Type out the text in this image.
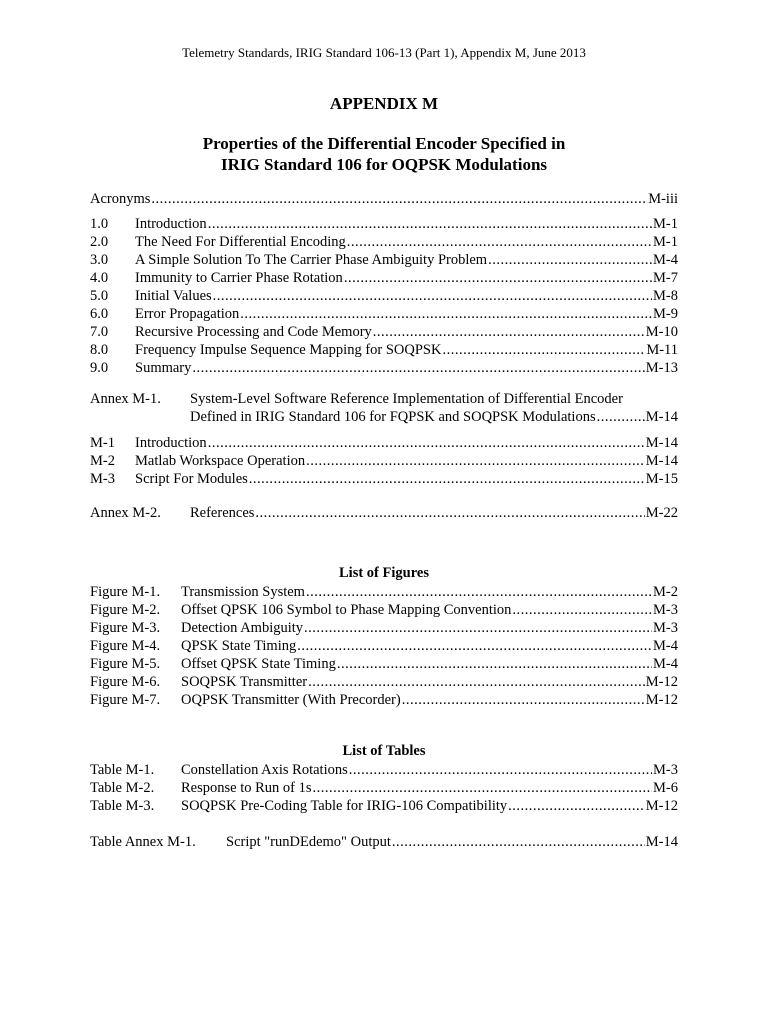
Telemetry Standards, IRIG Standard 106-13 (Part 1), Appendix M, June 2013
APPENDIX M
Properties of the Differential Encoder Specified in
IRIG Standard 106 for OQPSK Modulations
Acronyms .....	M-iii
1.0	Introduction .....	M-1
2.0	The Need For Differential Encoding .....	M-1
3.0	A Simple Solution To The Carrier Phase Ambiguity Problem .....	M-4
4.0	Immunity to Carrier Phase Rotation .....	M-7
5.0	Initial Values .....	M-8
6.0	Error Propagation .....	M-9
7.0	Recursive Processing and Code Memory .....	M-10
8.0	Frequency Impulse Sequence Mapping for SOQPSK .....	M-11
9.0	Summary .....	M-13
Annex M-1. System-Level Software Reference Implementation of Differential Encoder
Defined in IRIG Standard 106 for FQPSK and SOQPSK Modulations .....	M-14
M-1	Introduction .....	M-14
M-2	Matlab Workspace Operation .....	M-14
M-3	Script For Modules .....	M-15
Annex M-2.	References .....	M-22
List of Figures
Figure M-1.	Transmission System .....	M-2
Figure M-2.	Offset QPSK 106 Symbol to Phase Mapping Convention .....	M-3
Figure M-3.	Detection Ambiguity .....	M-3
Figure M-4.	QPSK State Timing .....	M-4
Figure M-5.	Offset QPSK State Timing .....	M-4
Figure M-6.	SOQPSK Transmitter .....	M-12
Figure M-7.	OQPSK Transmitter (With Precorder) .....	M-12
List of Tables
Table M-1.	Constellation Axis Rotations .....	M-3
Table M-2.	Response to Run of 1s .....	M-6
Table M-3.	SOQPSK Pre-Coding Table for IRIG-106 Compatibility .....	M-12
Table Annex M-1.	Script "runDEdemo" Output .....	M-14
